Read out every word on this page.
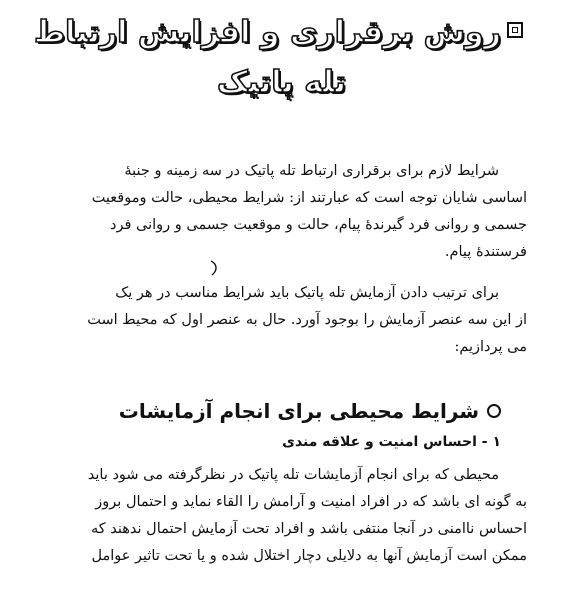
روش برقراری و افزایش ارتباط
تله پاتیک
شرایط لازم برای برقراری ارتباط تله پاتیک در سه زمینه و جنبهٔ
اساسی شایان توجه است که عبارتند از: شرایط محیطی، حالت وموقعیت
جسمی و روانی فرد گیرندهٔ پیام، حالت و موقعیت جسمی و روانی فرد
فرستندهٔ پیام.
برای ترتیب دادن آزمایش تله پاتیک باید شرایط مناسب در هر یک
از این سه عنصر آزمایش را بوجود آورد. حال به عنصر اول که محیط است
می پردازیم:
شرایط محیطی برای انجام آزمایشات
۱ - احساس امنیت و علاقه مندی
محیطی که برای انجام آزمایشات تله پاتیک در نظرگرفته می شود باید
به گونه ای باشد که در افراد امنیت و آرامش را القاء نماید و احتمال بروز
احساس ناامنی در آنجا منتفی باشد و افراد تحت آزمایش احتمال ندهند که
ممکن است آزمایش آنها به دلایلی دچار اختلال شده و یا تحت تاثیر عوامل
